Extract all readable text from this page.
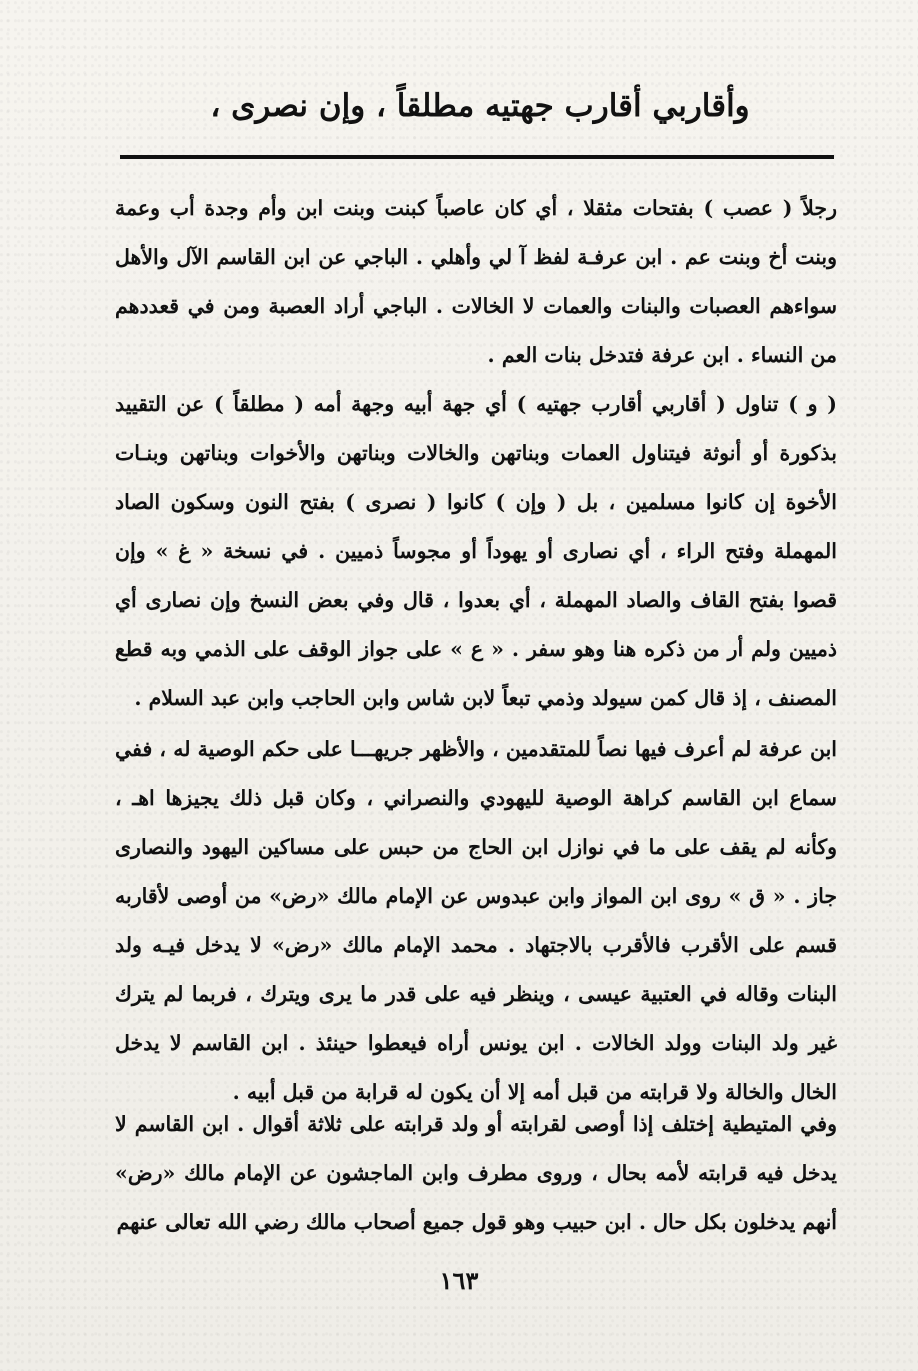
وأقاربي أقارب جهتيه مطلقاً ، وإن نصرى ،

رجلاً ( عصب ) بفتحات مثقلا ، أي كان عاصباً كبنت وبنت ابن وأم وجدة أب وعمة وبنت أخ وبنت عم . ابن عرفـة لفظ آ لي وأهلي . الباجي عن ابن القاسم الآل والأهل سواءهم العصبات والبنات والعمات لا الخالات . الباجي أراد العصبة ومن في قعددهم من النساء . ابن عرفة فتدخل بنات العم .

( و ) تناول ( أقاربي أقارب جهتيه ) أي جهة أبيه وجهة أمه ( مطلقاً ) عن التقييد بذكورة أو أنوثة فيتناول العمات وبناتهن والخالات وبناتهن والأخوات وبناتهن وبنـات الأخوة إن كانوا مسلمين ، بل ( وإن ) كانوا ( نصرى ) بفتح النون وسكون الصاد المهملة وفتح الراء ، أي نصارى أو يهوداً أو مجوساً ذميين . في نسخة « غ » وإن قصوا بفتح القاف والصاد المهملة ، أي بعدوا ، قال وفي بعض النسخ وإن نصارى أي ذميين ولم أر من ذكره هنا وهو سفر . « ع » على جواز الوقف على الذمي وبه قطع المصنف ، إذ قال كمن سيولد وذمي تبعاً لابن شاس وابن الحاجب وابن عبد السلام .

ابن عرفة لم أعرف فيها نصاً للمتقدمين ، والأظهر جريهـــا على حكم الوصية له ، ففي سماع ابن القاسم كراهة الوصية لليهودي والنصراني ، وكان قبل ذلك يجيزها اهـ ، وكأنه لم يقف على ما في نوازل ابن الحاج من حبس على مساكين اليهود والنصارى جاز . « ق » روى ابن المواز وابن عبدوس عن الإمام مالك «رض» من أوصى لأقاربه قسم على الأقرب فالأقرب بالاجتهاد . محمد الإمام مالك «رض» لا يدخل فيـه ولد البنات وقاله في العتبية عيسى ، وينظر فيه على قدر ما يرى ويترك ، فربما لم يترك غير ولد البنات وولد الخالات . ابن يونس أراه فيعطوا حينئذ . ابن القاسم لا يدخل الخال والخالة ولا قرابته من قبل أمه إلا أن يكون له قرابة من قبل أبيه .

وفي المتيطية إختلف إذا أوصى لقرابته أو ولد قرابته على ثلاثة أقوال . ابن القاسم لا يدخل فيه قرابته لأمه بحال ، وروى مطرف وابن الماجشون عن الإمام مالك «رض» أنهم يدخلون بكل حال . ابن حبيب وهو قول جميع أصحاب مالك رضي الله تعالى عنهم

١٦٣
